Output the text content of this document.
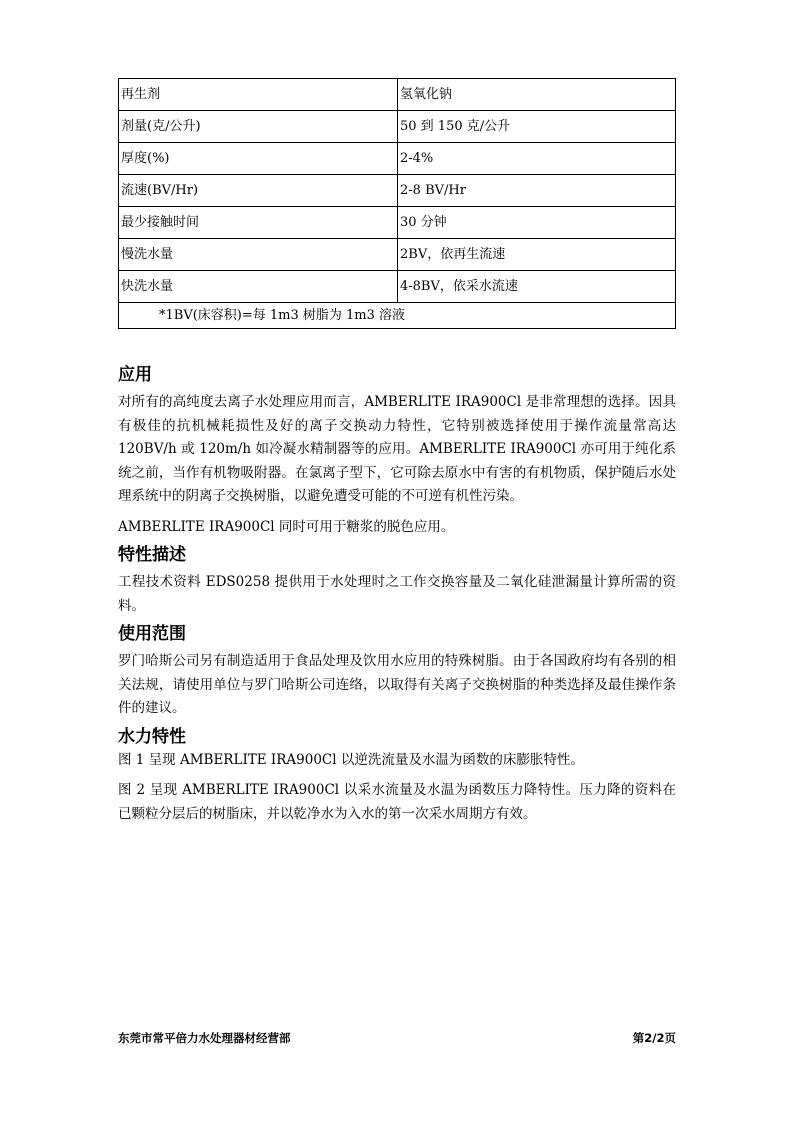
再生剂	氢氧化钠
剂量(克/公升)	50 到 150 克/公升
厚度(%)	2-4%
流速(BV/Hr)	2-8 BV/Hr
最少接触时间	30 分钟
慢洗水量	2BV，依再生流速
快洗水量	4-8BV，依采水流速
*1BV(床容积)=每 1m3 树脂为 1m3 溶液	
应用

对所有的高纯度去离子水处理应用而言，AMBERLITE IRA900Cl 是非常理想的选择。因具有极佳的抗机械耗损性及好的离子交换动力特性，它特别被选择使用于操作流量常高达 120BV/h 或 120m/h 如冷凝水精制器等的应用。AMBERLITE IRA900Cl 亦可用于纯化系统之前，当作有机物吸附器。在氯离子型下，它可除去原水中有害的有机物质，保护随后水处理系统中的阴离子交换树脂，以避免遭受可能的不可逆有机性污染。

AMBERLITE IRA900Cl 同时可用于糖浆的脱色应用。

特性描述

工程技术资料 EDS0258 提供用于水处理时之工作交换容量及二氧化硅泄漏量计算所需的资料。

使用范围

罗门哈斯公司另有制造适用于食品处理及饮用水应用的特殊树脂。由于各国政府均有各别的相关法规，请使用单位与罗门哈斯公司连络，以取得有关离子交换树脂的种类选择及最佳操作条件的建议。

水力特性

图 1 呈现 AMBERLITE IRA900Cl 以逆洗流量及水温为函数的床膨胀特性。

图 2 呈现 AMBERLITE IRA900Cl 以采水流量及水温为函数压力降特性。压力降的资料在已颗粒分层后的树脂床，并以乾净水为入水的第一次采水周期方有效。

东莞市常平倍力水处理器材经营部	第2/2页
